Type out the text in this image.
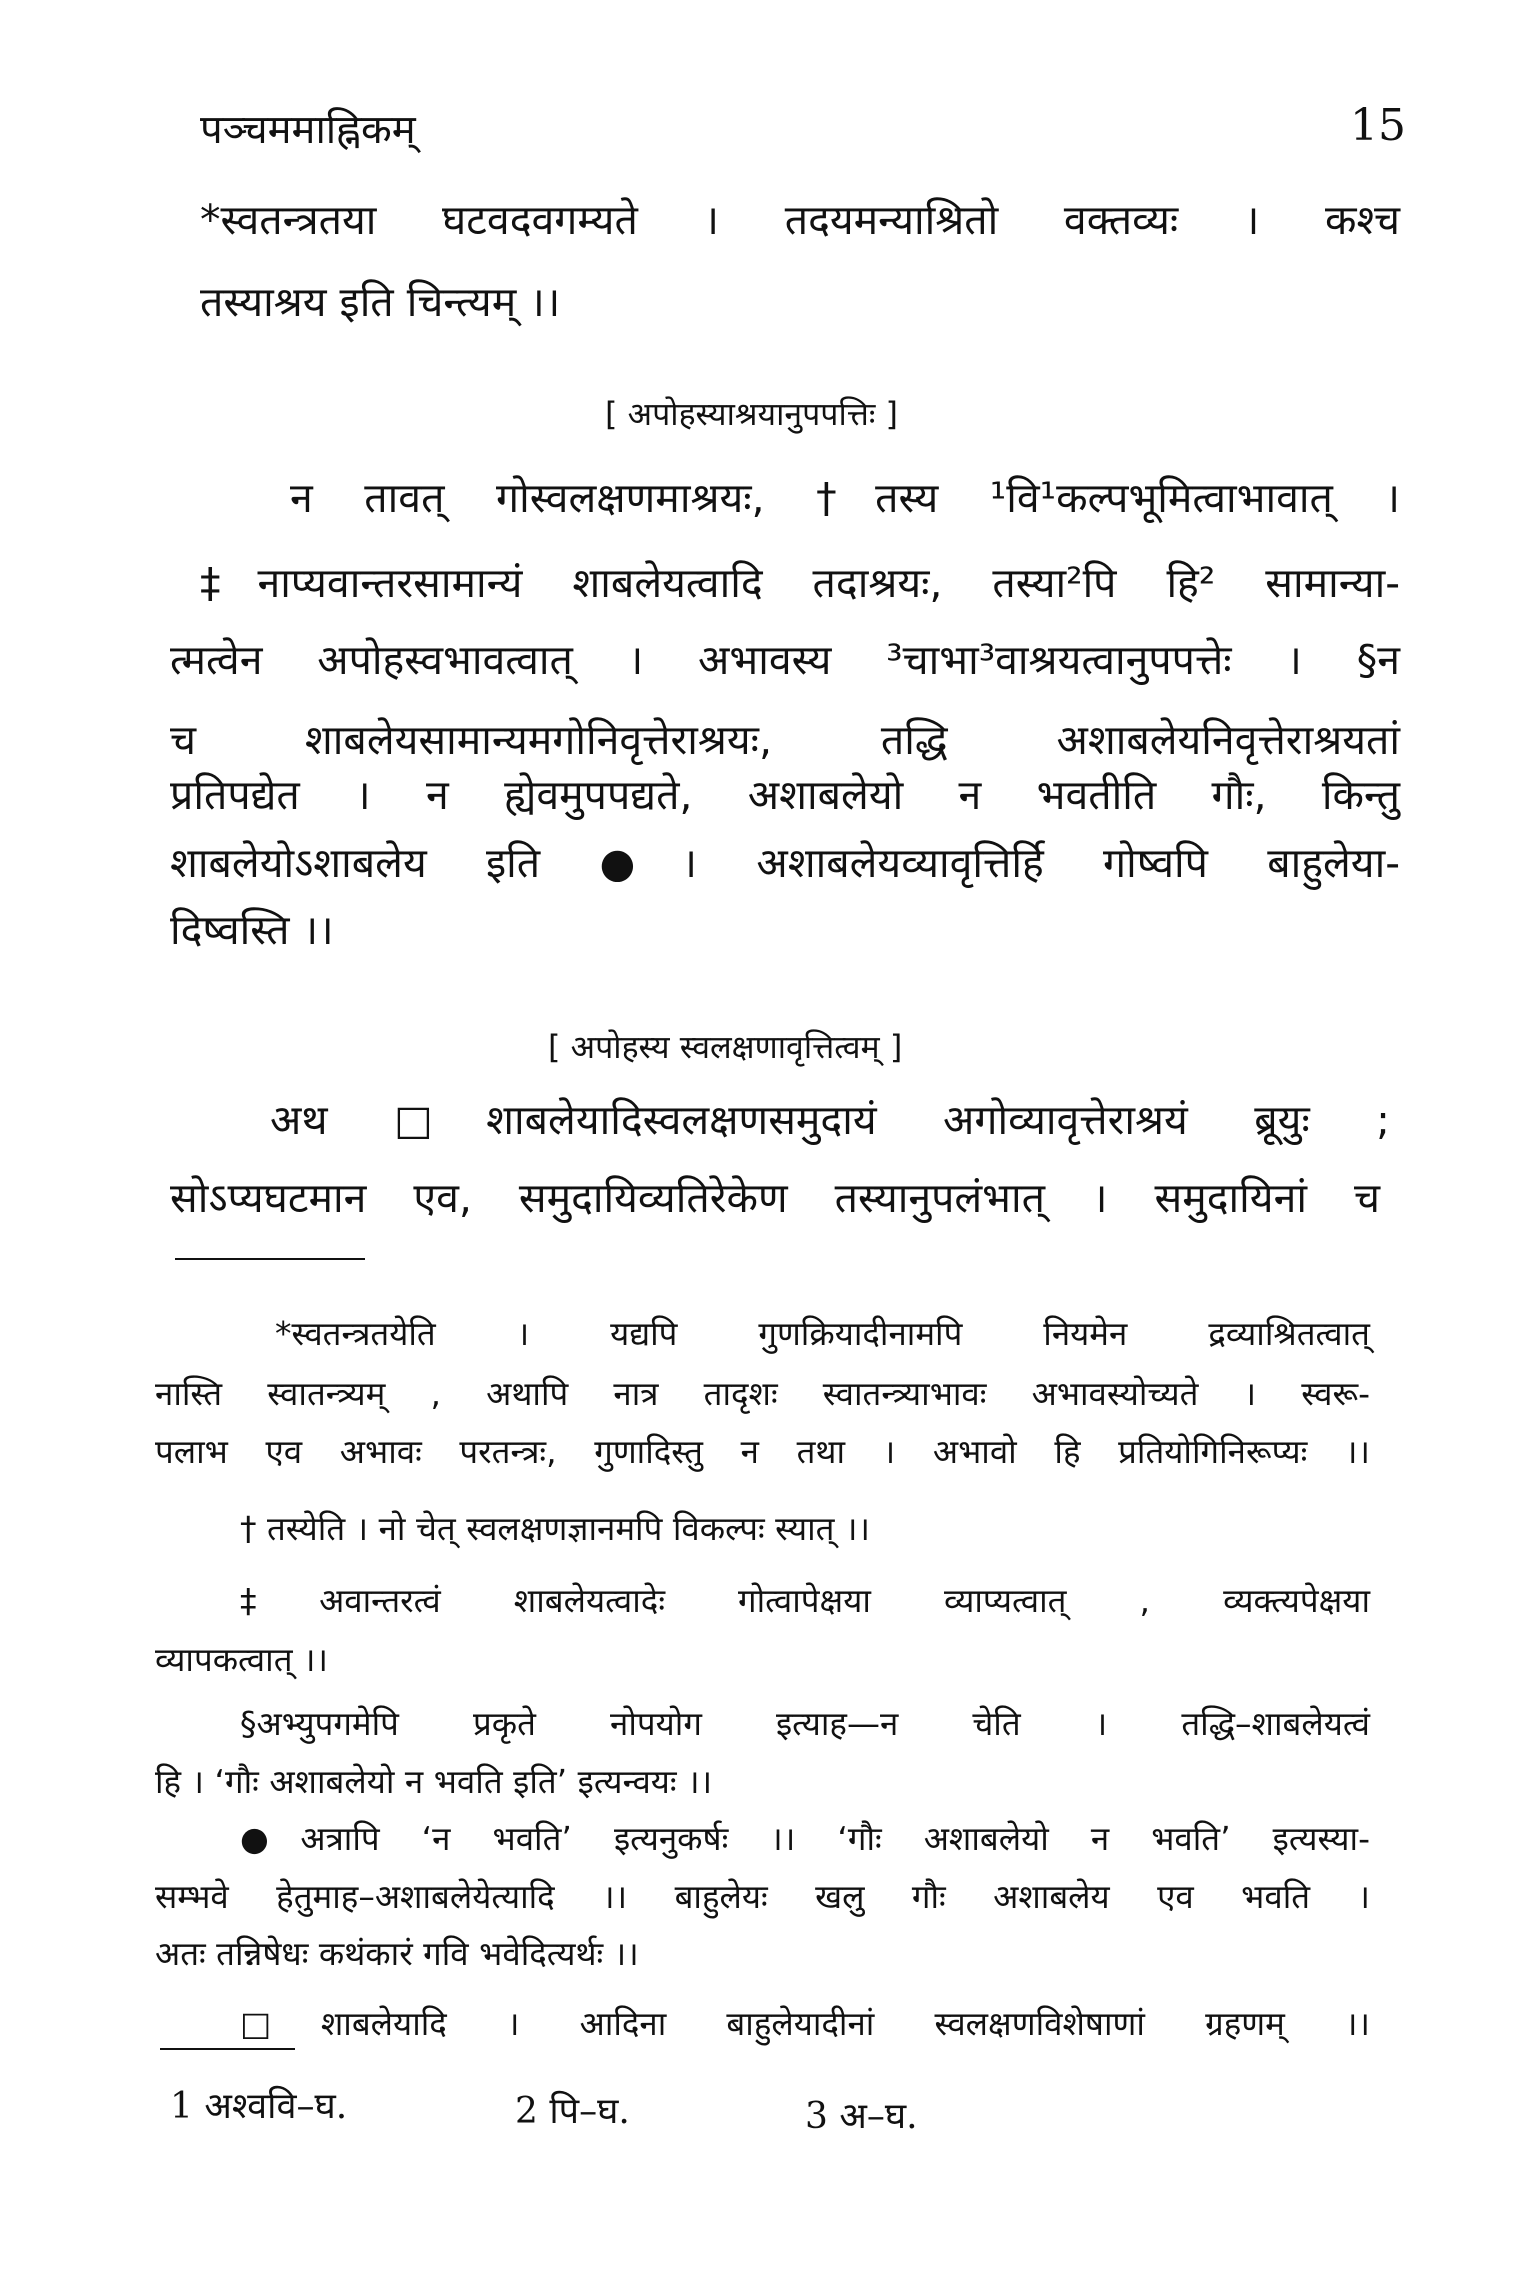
पञ्चममाह्निकम्	15
*स्वतन्त्रतया घटवदवगम्यते । तदयमन्याश्रितो वक्तव्यः । कश्च
तस्याश्रय इति चिन्त्यम् ।।
[ अपोहस्याश्रयानुपपत्तिः ]
न तावत् गोस्वलक्षणमाश्रयः, †तस्य ¹वि¹कल्पभूमित्वाभावात् ।
‡नाप्यवान्तरसामान्यं शाबलेयत्वादि तदाश्रयः, तस्या²पि हि² सामान्या-
त्मत्वेन अपोहस्वभावत्वात् । अभावस्य ³चाभा³वाश्रयत्वानुपपत्तेः । §न
च शाबलेयसामान्यमगोनिवृत्तेराश्रयः, तद्धि अशाबलेयनिवृत्तेराश्रयतां
प्रतिपद्येत । न ह्येवमुपपद्यते, अशाबलेयो न भवतीति गौः, किन्तु
शाबलेयोऽशाबलेय इति ●। अशाबलेयव्यावृत्तिर्हि गोष्वपि बाहुलेया-
दिष्वस्ति ।।
[ अपोहस्य स्वलक्षणावृत्तित्वम् ]
अथ □शाबलेयादिस्वलक्षणसमुदायं अगोव्यावृत्तेराश्रयं ब्रूयुः ;
सोऽप्यघटमान एव, समुदायिव्यतिरेकेण तस्यानुपलंभात् । समुदायिनां च
*स्वतन्त्रतयेति । यद्यपि गुणक्रियादीनामपि नियमेन द्रव्याश्रितत्वात्
नास्ति स्वातन्त्र्यम् , अथापि नात्र तादृशः स्वातन्त्र्याभावः अभावस्योच्यते । स्वरू-
पलाभ एव अभावः परतन्त्रः, गुणादिस्तु न तथा । अभावो हि प्रतियोगिनिरूप्यः ।।
† तस्येति । नो चेत् स्वलक्षणज्ञानमपि विकल्पः स्यात् ।।
‡अवान्तरत्वं शाबलेयत्वादेः गोत्वापेक्षया व्याप्यत्वात् , व्यक्त्यपेक्षया
व्यापकत्वात् ।।
§अभ्युपगमेपि प्रकृते नोपयोग इत्याह—न चेति । तद्धि–शाबलेयत्वं
हि । ‘गौः अशाबलेयो न भवति इति’ इत्यन्वयः ।।
●अत्रापि ‘न भवति’ इत्यनुकर्षः ।। ‘गौः अशाबलेयो न भवति’ इत्यस्या-
सम्भवे हेतुमाह–अशाबलेयेत्यादि ।। बाहुलेयः खलु गौः अशाबलेय एव भवति ।
अतः तन्निषेधः कथंकारं गवि भवेदित्यर्थः ।।
□शाबलेयादि । आदिना बाहुलेयादीनां स्वलक्षणविशेषाणां ग्रहणम् ।।
1 अश्ववि–घ.	2 पि–घ.	3 अ–घ.
